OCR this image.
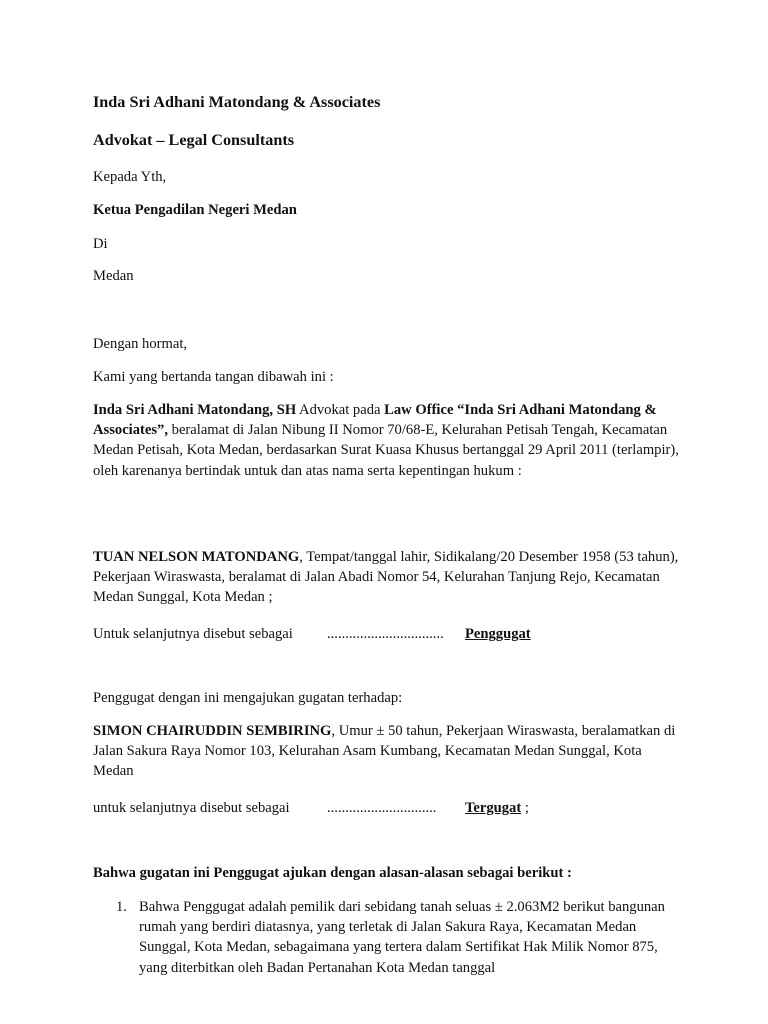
Inda Sri Adhani Matondang & Associates

Advokat – Legal Consultants

Kepada Yth,

Ketua Pengadilan Negeri Medan

Di

Medan

Dengan hormat,

Kami yang bertanda tangan dibawah ini :

Inda Sri Adhani Matondang, SH Advokat pada Law Office “Inda Sri Adhani Matondang & Associates”, beralamat di Jalan Nibung II Nomor 70/68-E, Kelurahan Petisah Tengah, Kecamatan Medan Petisah, Kota Medan, berdasarkan Surat Kuasa Khusus bertanggal 29 April 2011 (terlampir), oleh karenanya bertindak untuk dan atas nama serta kepentingan hukum :

TUAN NELSON MATONDANG, Tempat/tanggal lahir, Sidikalang/20 Desember 1958 (53 tahun), Pekerjaan Wiraswasta, beralamat di Jalan Abadi Nomor 54, Kelurahan Tanjung Rejo, Kecamatan Medan Sunggal, Kota Medan ;

Untuk selanjutnya disebut sebagai ................................ Penggugat

Penggugat dengan ini mengajukan gugatan terhadap:

SIMON CHAIRUDDIN SEMBIRING, Umur ± 50 tahun, Pekerjaan Wiraswasta, beralamatkan di Jalan Sakura Raya Nomor 103, Kelurahan Asam Kumbang, Kecamatan Medan Sunggal, Kota Medan

untuk selanjutnya disebut sebagai	.............................. Tergugat ;

Bahwa gugatan ini Penggugat ajukan dengan alasan-alasan sebagai berikut :

1. Bahwa Penggugat adalah pemilik dari sebidang tanah seluas ± 2.063M2 berikut bangunan rumah yang berdiri diatasnya, yang terletak di Jalan Sakura Raya, Kecamatan Medan Sunggal, Kota Medan, sebagaimana yang tertera dalam Sertifikat Hak Milik Nomor 875, yang diterbitkan oleh Badan Pertanahan Kota Medan tanggal
